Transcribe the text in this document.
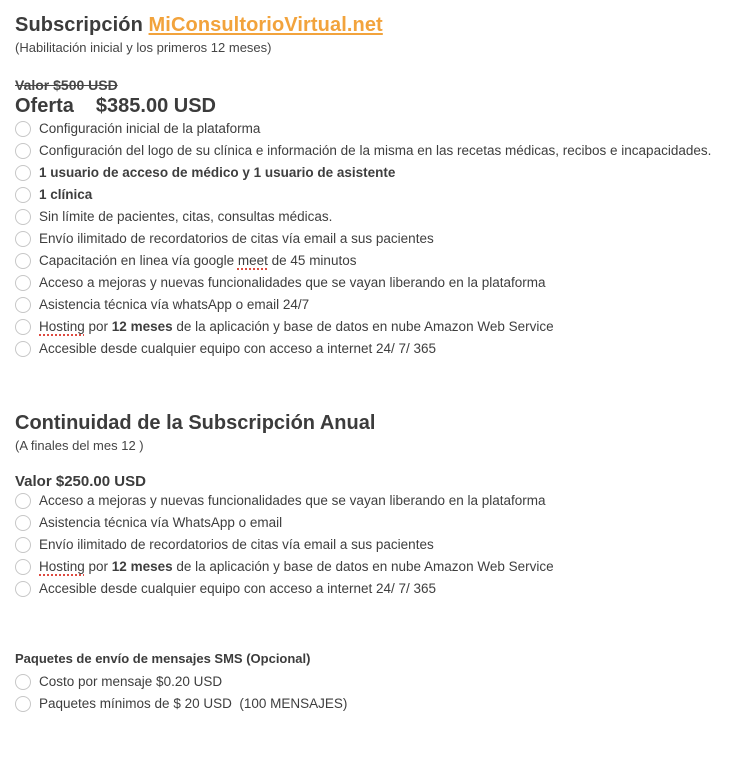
Subscripción MiConsultorioVirtual.net
(Habilitación inicial y los primeros 12 meses)
Valor $500 USD
Oferta $385.00 USD
Configuración inicial de la plataforma
Configuración del logo de su clínica e información de la misma en las recetas médicas, recibos e incapacidades.
1 usuario de acceso de médico y 1 usuario de asistente
1 clínica
Sin límite de pacientes, citas, consultas médicas.
Envío ilimitado de recordatorios de citas vía email a sus pacientes
Capacitación en linea vía google meet de 45 minutos
Acceso a mejoras y nuevas funcionalidades que se vayan liberando en la plataforma
Asistencia técnica vía whatsApp o email 24/7
Hosting por 12 meses de la aplicación y base de datos en nube Amazon Web Service
Accesible desde cualquier equipo con acceso a internet 24/ 7/ 365
Continuidad de la Subscripción Anual
(A finales del mes 12 )
Valor $250.00 USD
Acceso a mejoras y nuevas funcionalidades que se vayan liberando en la plataforma
Asistencia técnica vía WhatsApp o email
Envío ilimitado de recordatorios de citas vía email a sus pacientes
Hosting por 12 meses de la aplicación y base de datos en nube Amazon Web Service
Accesible desde cualquier equipo con acceso a internet 24/ 7/ 365
Paquetes de envío de mensajes SMS (Opcional)
Costo por mensaje $0.20 USD
Paquetes mínimos de $ 20 USD  (100 MENSAJES)
